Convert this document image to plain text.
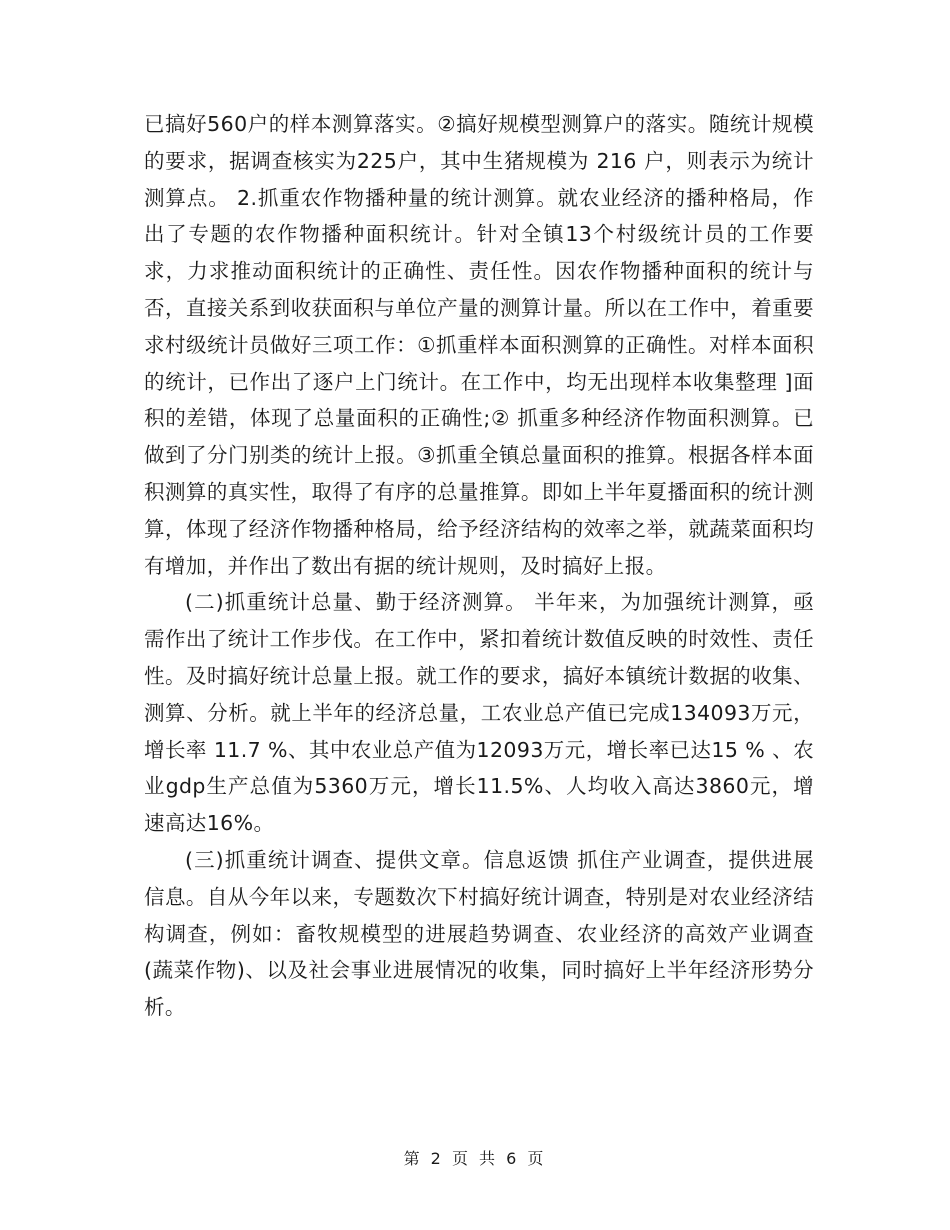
已搞好560户的样本测算落实。②搞好规模型测算户的落实。随统计规模的要求，据调查核实为225户，其中生猪规模为 216 户，则表示为统计测算点。 2.抓重农作物播种量的统计测算。就农业经济的播种格局，作出了专题的农作物播种面积统计。针对全镇13个村级统计员的工作要求，力求推动面积统计的正确性、责任性。因农作物播种面积的统计与否，直接关系到收获面积与单位产量的测算计量。所以在工作中，着重要求村级统计员做好三项工作：①抓重样本面积测算的正确性。对样本面积的统计，已作出了逐户上门统计。在工作中，均无出现样本收集整理 ]面积的差错，体现了总量面积的正确性;② 抓重多种经济作物面积测算。已做到了分门别类的统计上报。③抓重全镇总量面积的推算。根据各样本面积测算的真实性，取得了有序的总量推算。即如上半年夏播面积的统计测算，体现了经济作物播种格局，给予经济结构的效率之举，就蔬菜面积均有增加，并作出了数出有据的统计规则，及时搞好上报。

(二)抓重统计总量、勤于经济测算。 半年来，为加强统计测算，亟需作出了统计工作步伐。在工作中，紧扣着统计数值反映的时效性、责任性。及时搞好统计总量上报。就工作的要求，搞好本镇统计数据的收集、测算、分析。就上半年的经济总量，工农业总产值已完成134093万元，增长率 11.7 %、其中农业总产值为12093万元，增长率已达15 % 、农业gdp生产总值为5360万元，增长11.5%、人均收入高达3860元，增速高达16%。

(三)抓重统计调查、提供文章。信息返馈 抓住产业调查，提供进展信息。自从今年以来，专题数次下村搞好统计调查，特别是对农业经济结构调查，例如：畜牧规模型的进展趋势调查、农业经济的高效产业调查(蔬菜作物)、以及社会事业进展情况的收集，同时搞好上半年经济形势分析。

第 2 页 共 6 页
